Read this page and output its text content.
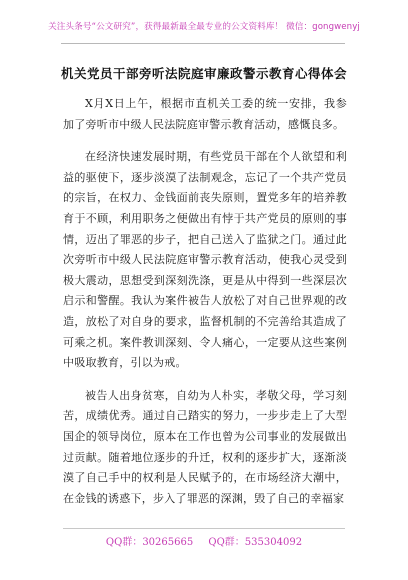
关注头条号“公文研究”，获得最新最全最专业的公文资料库！ 微信：gongwenyj
机关党员干部旁听法院庭审廉政警示教育心得体会

X月X日上午，根据市直机关工委的统一安排，我参加了旁听市中级人民法院庭审警示教育活动，感慨良多。

在经济快速发展时期，有些党员干部在个人欲望和利益的驱使下，逐步淡漠了法制观念，忘记了一个共产党员的宗旨，在权力、金钱面前丧失原则，置党多年的培养教育于不顾，利用职务之便做出有悖于共产党员的原则的事情，迈出了罪恶的步子，把自己送入了监狱之门。通过此次旁听市中级人民法院庭审警示教育活动，使我心灵受到极大震动，思想受到深刻洗涤，更是从中得到一些深层次启示和警醒。我认为案件被告人放松了对自己世界观的改造，放松了对自身的要求，监督机制的不完善给其造成了可乘之机。案件教训深刻、令人痛心，一定要从这些案例中吸取教育，引以为戒。

被告人出身贫寒，自幼为人朴实，孝敬父母，学习刻苦，成绩优秀。通过自己踏实的努力，一步步走上了大型国企的领导岗位，原本在工作也曾为公司事业的发展做出过贡献。随着地位逐步的升迁，权利的逐步扩大，逐渐淡漠了自己手中的权利是人民赋予的，在市场经济大潮中，在金钱的诱惑下，步入了罪恶的深渊，毁了自己的幸福家

QQ群：30265665 QQ群：535304092
